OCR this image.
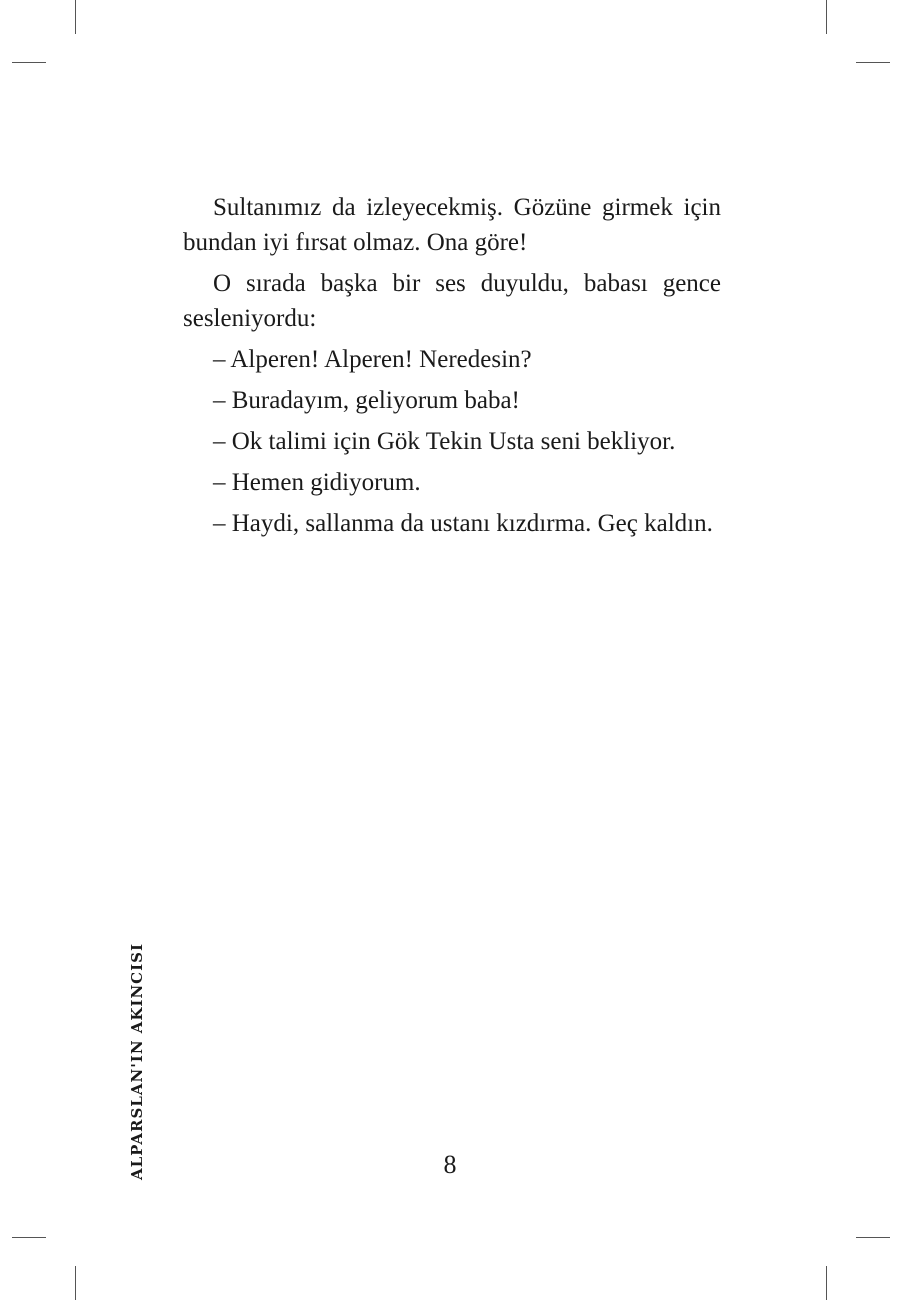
Sultanımız da izleyecekmiş. Gözüne girmek için bundan iyi fırsat olmaz. Ona göre!

O sırada başka bir ses duyuldu, babası gence sesleniyordu:

– Alperen! Alperen! Neredesin?

– Buradayım, geliyorum baba!

– Ok talimi için Gök Tekin Usta seni bekliyor.

– Hemen gidiyorum.

– Haydi, sallanma da ustanı kızdırma. Geç kaldın.

ALPARSLAN'IN AKINCISI	8
